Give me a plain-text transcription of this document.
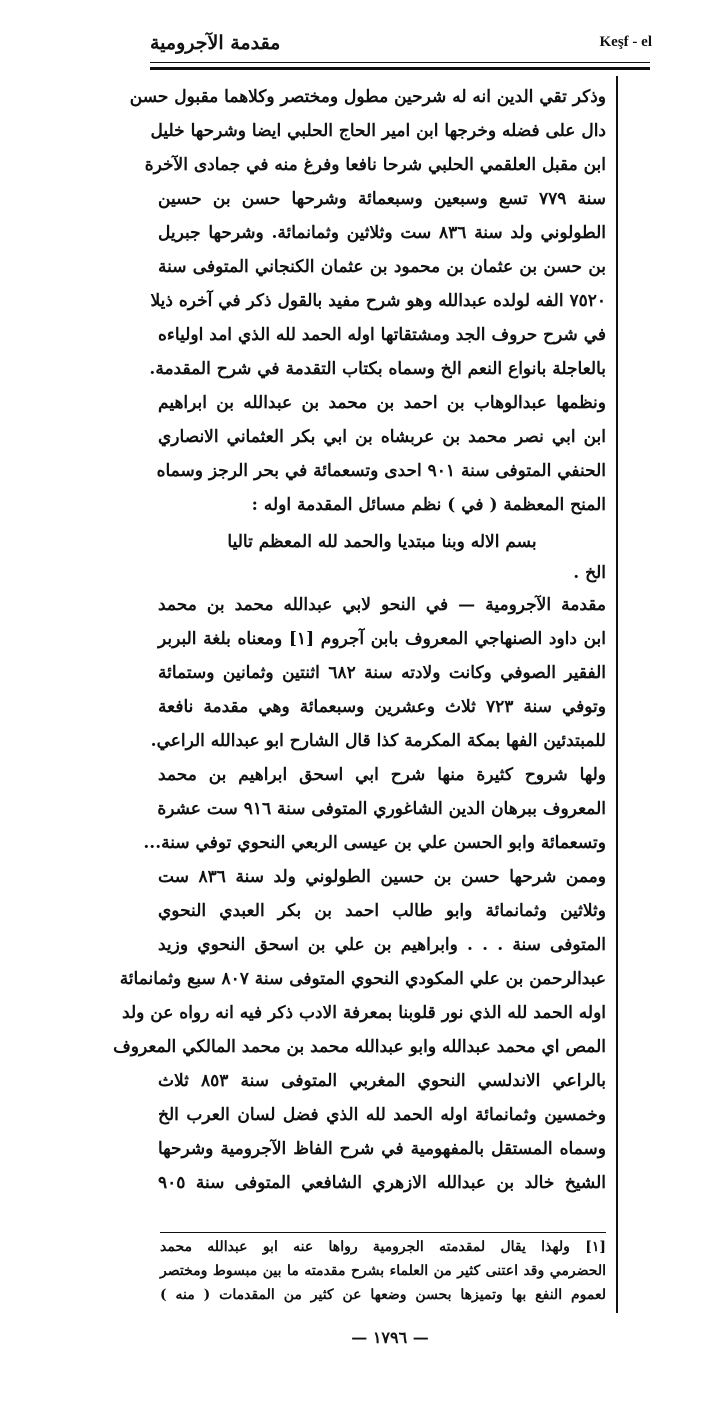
مقدمة الآجرومية	Keşf - el
وذكر تقي الدين انه له شرحين مطول ومختصر وكلاهما مقبول حسن
دال على فضله وخرجها ابن امير الحاج الحلبي ايضا وشرحها خليل
ابن مقبل العلقمي الحلبي شرحا نافعا وفرغ منه في جمادى الآخرة
سنة ٧٧٩ تسع وسبعين وسبعمائة وشرحها حسن بن حسين
الطولوني ولد سنة ٨٣٦ ست وثلاثين وثمانمائة. وشرحها جبريل
بن حسن بن عثمان بن محمود بن عثمان الكنجاني المتوفى سنة
٧٥٢٠ الفه لولده عبدالله وهو شرح مفيد بالقول ذكر في آخره ذيلا
في شرح حروف الجد ومشتقاتها اوله الحمد لله الذي امد اولياءه
بالعاجلة بانواع النعم الخ وسماه بكتاب التقدمة في شرح المقدمة.
ونظمها عبدالوهاب بن احمد بن محمد بن عبدالله بن ابراهيم
ابن ابي نصر محمد بن عربشاه بن ابي بكر العثماني الانصاري
الحنفي المتوفى سنة ٩٠١ احدى وتسعمائة في بحر الرجز وسماه
المنح المعظمة ( في ) نظم مسائل المقدمة اوله :
بسم الاله وبنا مبتديا والحمد لله المعظم تاليا
الخ .
مقدمة الآجرومية — في النحو لابي عبدالله محمد بن محمد
ابن داود الصنهاجي المعروف بابن آجروم [١] ومعناه بلغة البربر
الفقير الصوفي وكانت ولادته سنة ٦٨٢ اثنتين وثمانين وستمائة
وتوفي سنة ٧٢٣ ثلاث وعشرين وسبعمائة وهي مقدمة نافعة
للمبتدئين الفها بمكة المكرمة كذا قال الشارح ابو عبدالله الراعي.
ولها شروح كثيرة منها شرح ابي اسحق ابراهيم بن محمد
المعروف ببرهان الدين الشاغوري المتوفى سنة ٩١٦ ست عشرة
وتسعمائة وابو الحسن علي بن عيسى الربعي النحوي توفي سنة...
وممن شرحها حسن بن حسين الطولوني ولد سنة ٨٣٦ ست
وثلاثين وثمانمائة وابو طالب احمد بن بكر العبدي النحوي
المتوفى سنة . . . وابراهيم بن علي بن اسحق النحوي وزيد
عبدالرحمن بن علي المكودي النحوي المتوفى سنة ٨٠٧ سبع وثمانمائة
اوله الحمد لله الذي نور قلوبنا بمعرفة الادب ذكر فيه انه رواه عن ولد
المص اي محمد عبدالله وابو عبدالله محمد بن محمد المالكي المعروف
بالراعي الاندلسي النحوي المغربي المتوفى سنة ٨٥٣ ثلاث
وخمسين وثمانمائة اوله الحمد لله الذي فضل لسان العرب الخ
وسماه المستقل بالمفهومية في شرح الفاظ الآجرومية وشرحها
الشيخ خالد بن عبدالله الازهري الشافعي المتوفى سنة ٩٠٥
[١] ولهذا يقال لمقدمته الجرومية رواها عنه ابو عبدالله محمد
الحضرمي وقد اعتنى كثير من العلماء بشرح مقدمته ما بين مبسوط ومختصر
لعموم النفع بها وتميزها بحسن وضعها عن كثير من المقدمات ( منه )
— ١٧٩٦ —
